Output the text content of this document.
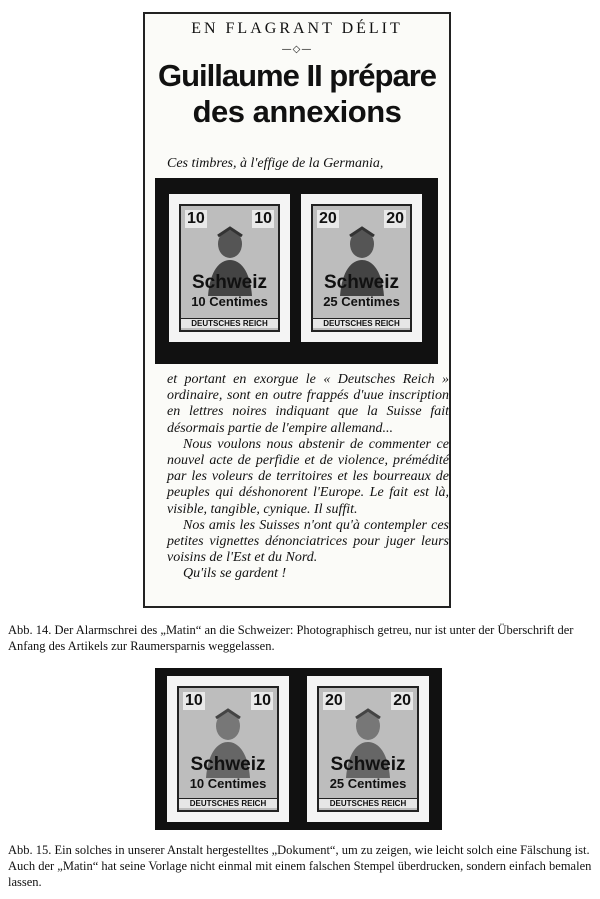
EN FLAGRANT DÉLIT
—◇—
Guillaume II prépare
des annexions
Ces timbres, à l'effige de la Germania,
10	10
Schweiz
10 Centimes
DEUTSCHES REICH
20	20
Schweiz
25 Centimes
DEUTSCHES REICH

et portant en exorgue le « Deutsches Reich » ordinaire, sont en outre frappés d'uue inscription en lettres noires indiquant que la Suisse fait désormais partie de l'empire allemand...

Nous voulons nous abstenir de commenter ce nouvel acte de perfidie et de violence, prémédité par les voleurs de territoires et les bourreaux de peuples qui déshonorent l'Europe. Le fait est là, visible, tangible, cynique. Il suffit.

Nos amis les Suisses n'ont qu'à contempler ces petites vignettes dénonciatrices pour juger leurs voisins de l'Est et du Nord.

Qu'ils se gardent !

Abb. 14. Der Alarmschrei des „Matin“ an die Schweizer: Photographisch getreu, nur ist unter der Überschrift der Anfang des Artikels zur Raumersparnis weggelassen.

10	10
Schweiz
10 Centimes
DEUTSCHES REICH
20	20
Schweiz
25 Centimes
DEUTSCHES REICH

Abb. 15. Ein solches in unserer Anstalt hergestelltes „Dokument“, um zu zeigen, wie leicht solch eine Fälschung ist. Auch der „Matin“ hat seine Vorlage nicht einmal mit einem falschen Stempel überdrucken, sondern einfach bemalen lassen.
